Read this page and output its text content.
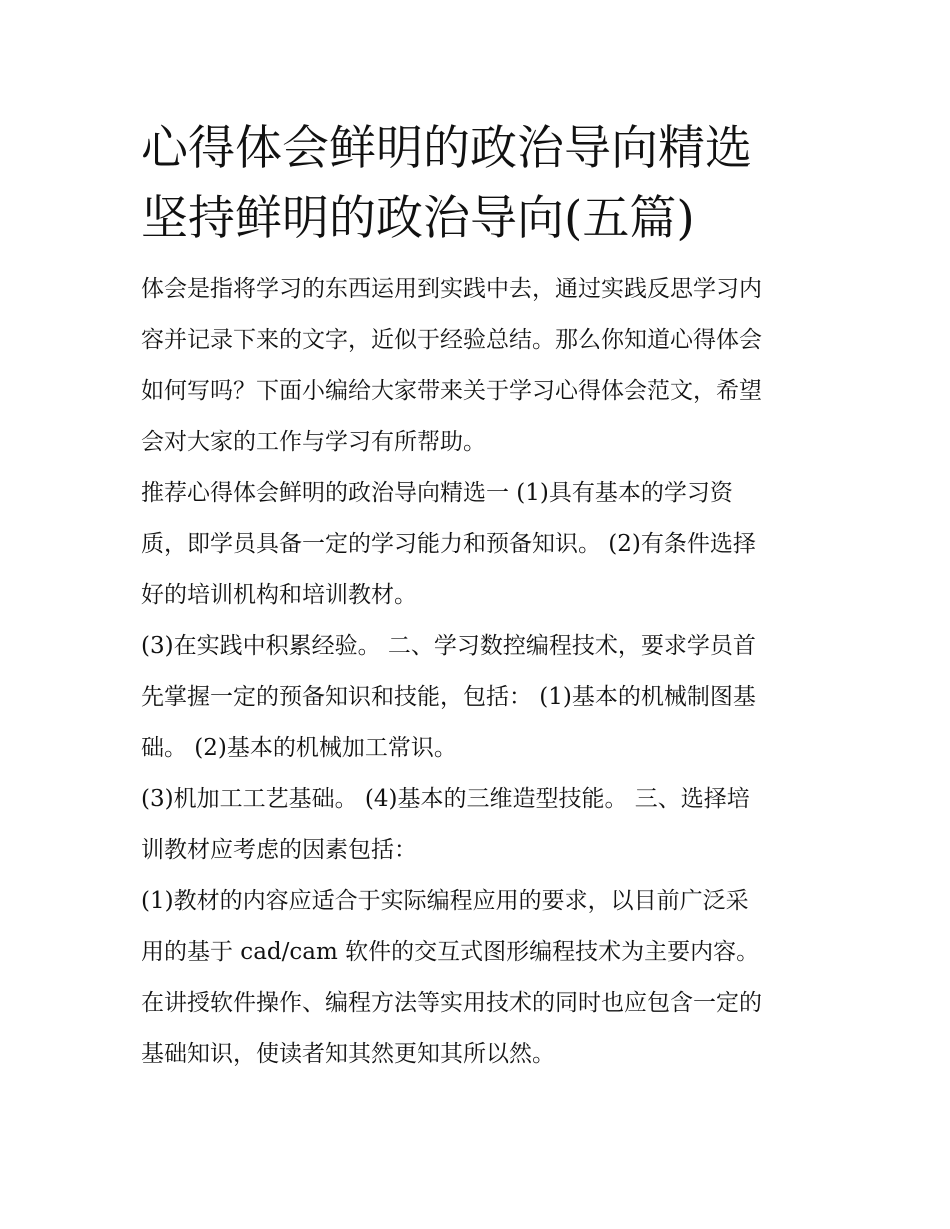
心得体会鲜明的政治导向精选
坚持鲜明的政治导向(五篇)

体会是指将学习的东西运用到实践中去，通过实践反思学习内
容并记录下来的文字，近似于经验总结。那么你知道心得体会
如何写吗？下面小编给大家带来关于学习心得体会范文，希望
会对大家的工作与学习有所帮助。

推荐心得体会鲜明的政治导向精选一 (1)具有基本的学习资
质，即学员具备一定的学习能力和预备知识。 (2)有条件选择
好的培训机构和培训教材。

(3)在实践中积累经验。 二、学习数控编程技术，要求学员首
先掌握一定的预备知识和技能，包括： (1)基本的机械制图基
础。 (2)基本的机械加工常识。

(3)机加工工艺基础。 (4)基本的三维造型技能。 三、选择培
训教材应考虑的因素包括：

(1)教材的内容应适合于实际编程应用的要求，以目前广泛采
用的基于 cad/cam 软件的交互式图形编程技术为主要内容。
在讲授软件操作、编程方法等实用技术的同时也应包含一定的
基础知识，使读者知其然更知其所以然。
